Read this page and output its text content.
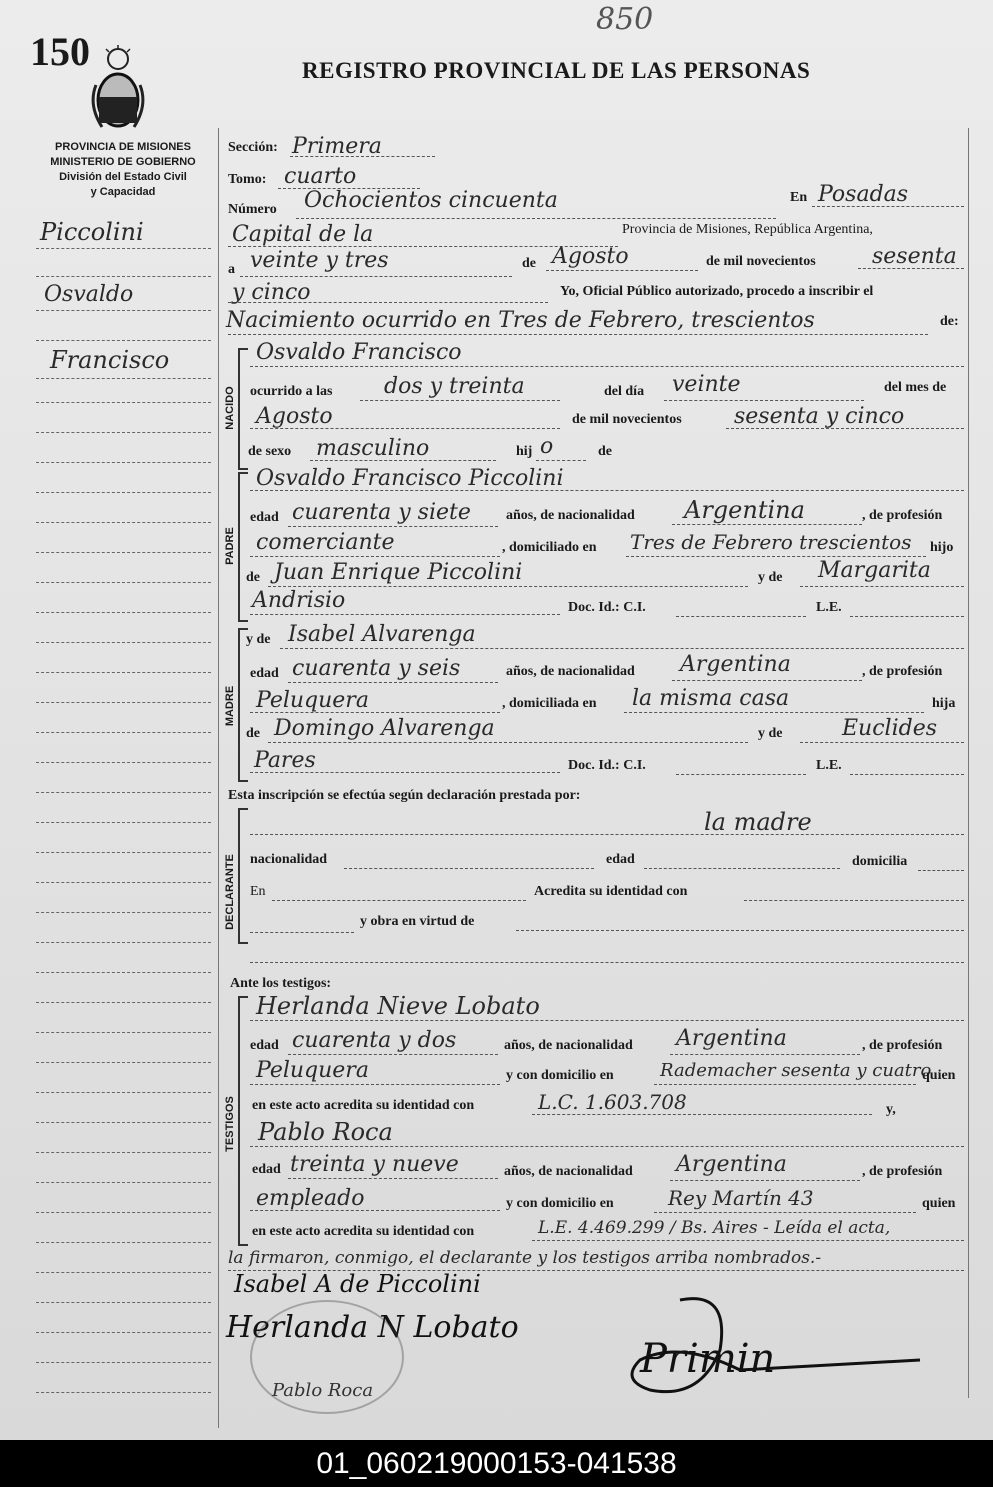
150
850
REGISTRO PROVINCIAL DE LAS PERSONAS
PROVINCIA DE MISIONES
MINISTERIO DE GOBIERNO
División del Estado Civil
y Capacidad
Piccolini
Osvaldo
Francisco
Sección: Primera
Tomo: cuarto
Número Ochocientos cincuenta	En Posadas
Capital de la	Provincia de Misiones, República Argentina,
a veinte y tres	de Agosto	de mil novecientos	sesenta
y cinco	Yo, Oficial Público autorizado, procedo a inscribir el
Nacimiento ocurrido en Tres de Febrero, trescientos	de:
NACIDO
Osvaldo Francisco
ocurrido a las dos y treinta	del día veinte	del mes de
Agosto	de mil novecientos sesenta y cinco
de sexo masculino	hij o	de
PADRE
Osvaldo Francisco Piccolini
edad cuarenta y siete	años, de nacionalidad Argentina	, de profesión
comerciante	, domiciliado en Tres de Febrero trescientos hijo
de Juan Enrique Piccolini	y de Margarita
Andrisio	Doc. Id.: C.I.	L.E.
MADRE
y de Isabel Alvarenga
edad cuarenta y seis	años, de nacionalidad Argentina	, de profesión
Peluquera	, domiciliada en la misma casa	hija
de Domingo Alvarenga	y de	Euclides
Pares	Doc. Id.: C.I.	L.E.
Esta inscripción se efectúa según declaración prestada por:
DECLARANTE
la madre
nacionalidad	edad	domicilia
En	Acredita su identidad con
y obra en virtud de
Ante los testigos:
TESTIGOS
Herlanda Nieve Lobato
edad cuarenta y dos	años, de nacionalidad Argentina	, de profesión
Peluquera	y con domicilio en	Rademacher sesenta y cuatro
quien
en este acto acredita su identidad con	L.C. 1.603.708	y,
Pablo Roca
edad treinta y nueve	años, de nacionalidad Argentina	, de profesión
empleado	y con domicilio en	Rey Martín 43	quien
en este acto acredita su identidad con	L.E. 4.469.299 / Bs. Aires - Leída el acta,
la firmaron, conmigo, el declarante y los testigos arriba nombrados.-
Isabel A de Piccolini
Herlanda N Lobato
Pablo Roca
Primin
01_060219000153-041538
